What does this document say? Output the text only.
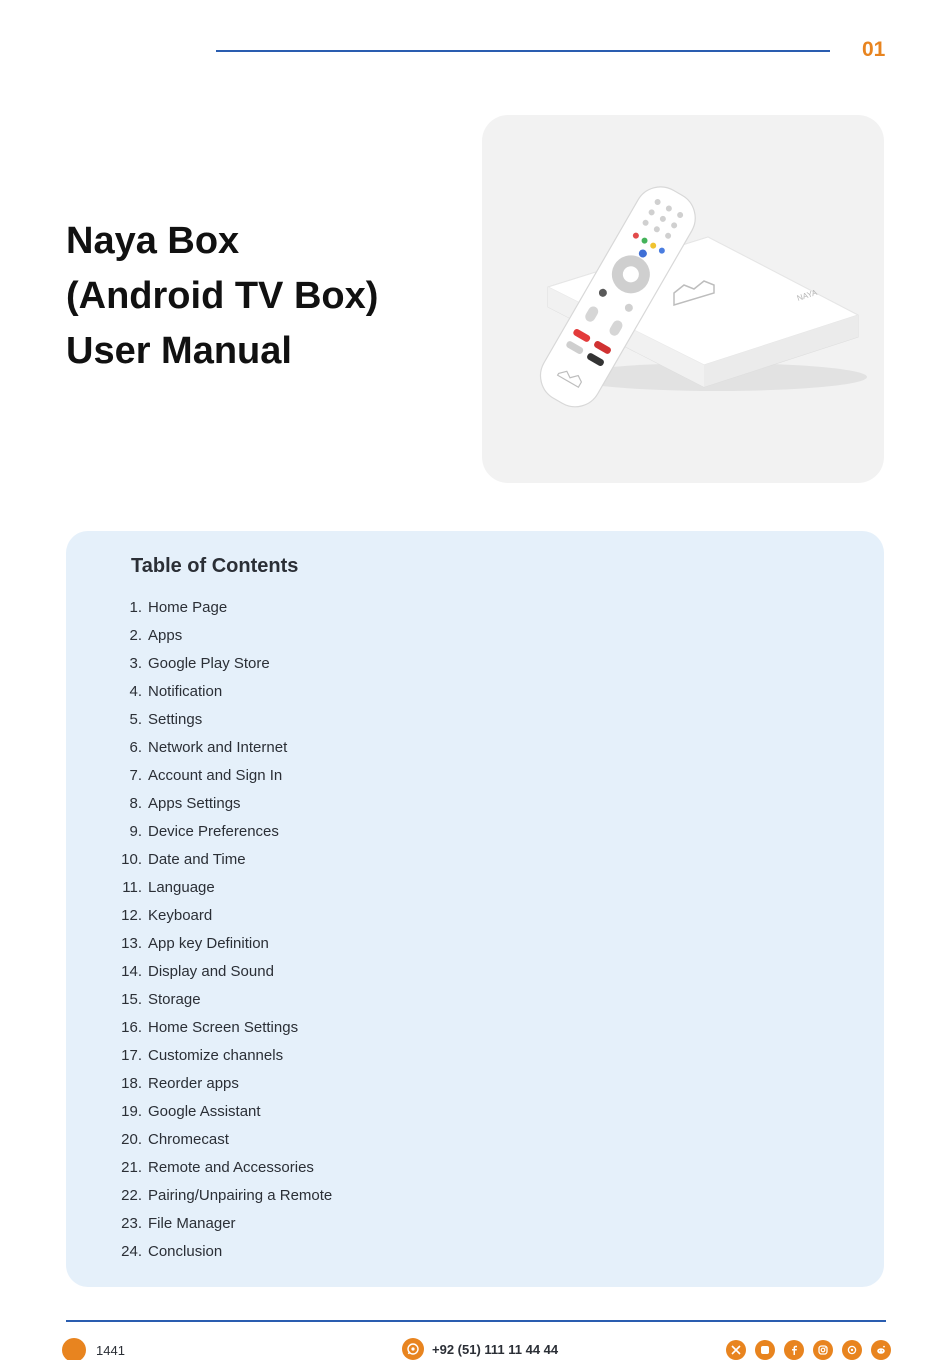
01
Naya Box
(Android TV Box)
User Manual
NAYA
Table of Contents
1. Home Page
2. Apps
3. Google Play Store
4. Notification
5. Settings
6. Network and Internet
7. Account and Sign In
8. Apps Settings
9. Device Preferences
10. Date and Time
11. Language
12. Keyboard
13. App key Definition
14. Display and Sound
15. Storage
16. Home Screen Settings
17. Customize channels
18. Reorder apps
19. Google Assistant
20. Chromecast
21. Remote and Accessories
22. Pairing/Unpairing a Remote
23. File Manager
24. Conclusion
1441	+92 (51) 111 11 44 44
